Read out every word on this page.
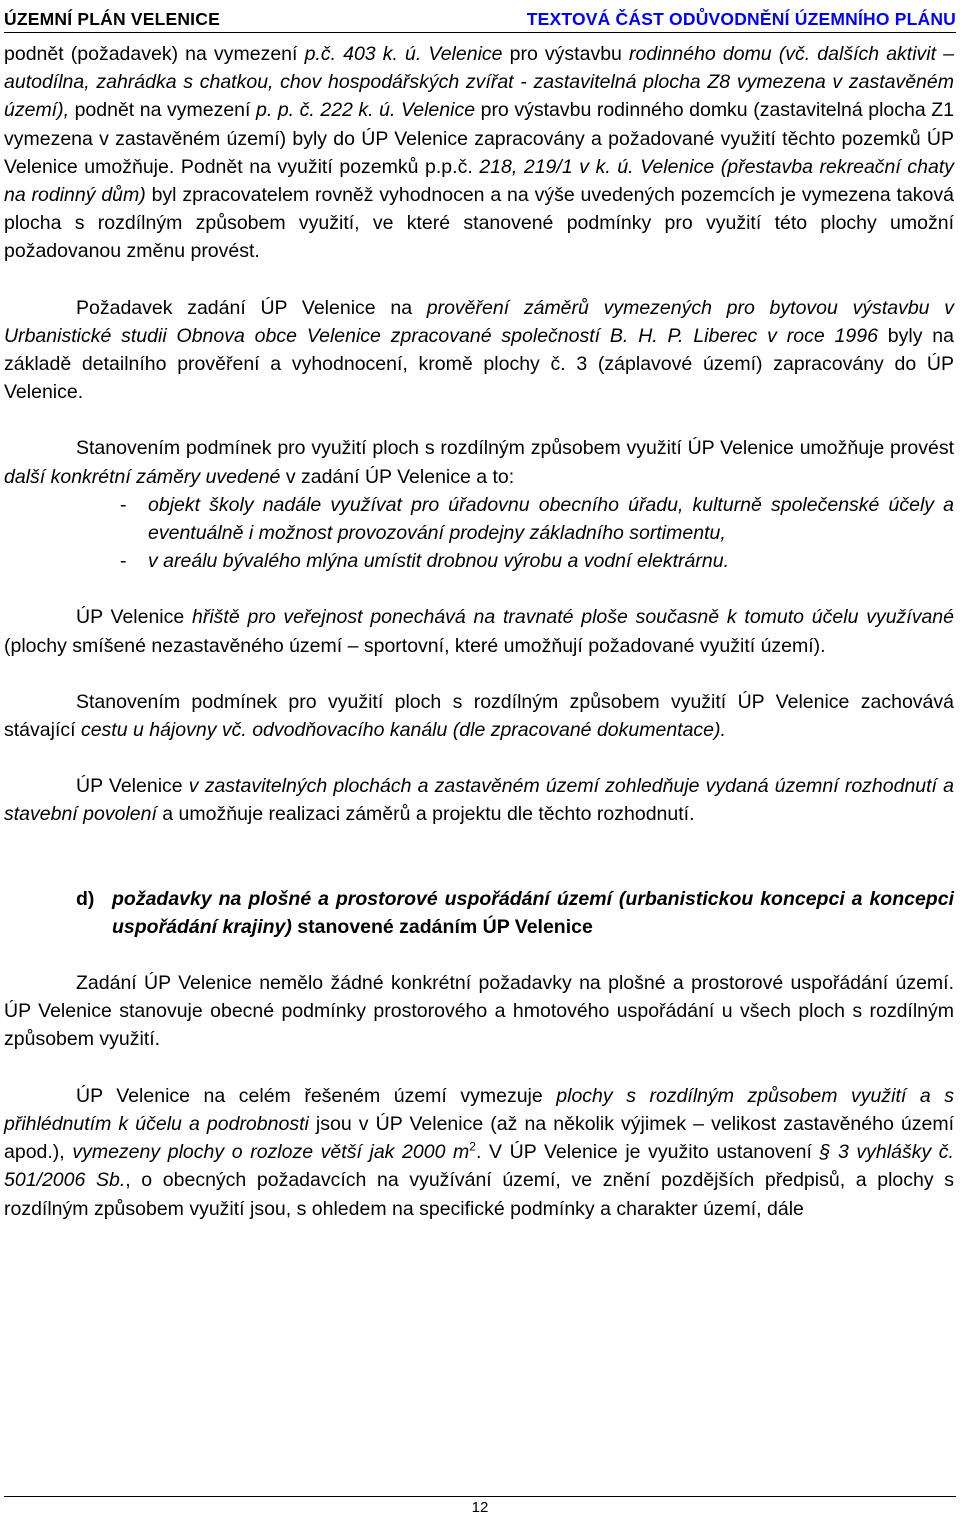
ÚZEMNÍ PLÁN VELENICE	TEXTOVÁ ČÁST ODŮVODNĚNÍ ÚZEMNÍHO PLÁNU

podnět (požadavek) na vymezení p.č. 403 k. ú. Velenice pro výstavbu rodinného domu (vč. dalších aktivit – autodílna, zahrádka s chatkou, chov hospodářských zvířat - zastavitelná plocha Z8 vymezena v zastavěném území), podnět na vymezení p. p. č. 222 k. ú. Velenice pro výstavbu rodinného domku (zastavitelná plocha Z1 vymezena v zastavěném území) byly do ÚP Velenice zapracovány a požadované využití těchto pozemků ÚP Velenice umožňuje. Podnět na využití pozemků p.p.č. 218, 219/1 v k. ú. Velenice (přestavba rekreační chaty na rodinný dům) byl zpracovatelem rovněž vyhodnocen a na výše uvedených pozemcích je vymezena taková plocha s rozdílným způsobem využití, ve které stanovené podmínky pro využití této plochy umožní požadovanou změnu provést.

Požadavek zadání ÚP Velenice na prověření záměrů vymezených pro bytovou výstavbu v Urbanistické studii Obnova obce Velenice zpracované společností B. H. P. Liberec v roce 1996 byly na základě detailního prověření a vyhodnocení, kromě plochy č. 3 (záplavové území) zapracovány do ÚP Velenice.

Stanovením podmínek pro využití ploch s rozdílným způsobem využití ÚP Velenice umožňuje provést další konkrétní záměry uvedené v zadání ÚP Velenice a to:

- objekt školy nadále využívat pro úřadovnu obecního úřadu, kulturně společenské účely a eventuálně i možnost provozování prodejny základního sortimentu,
- v areálu bývalého mlýna umístit drobnou výrobu a vodní elektrárnu.

ÚP Velenice hřiště pro veřejnost ponechává na travnaté ploše současně k tomuto účelu využívané (plochy smíšené nezastavěného území – sportovní, které umožňují požadované využití území).

Stanovením podmínek pro využití ploch s rozdílným způsobem využití ÚP Velenice zachovává stávající cestu u hájovny vč. odvodňovacího kanálu (dle zpracované dokumentace).

ÚP Velenice v zastavitelných plochách a zastavěném území zohledňuje vydaná územní rozhodnutí a stavební povolení a umožňuje realizaci záměrů a projektu dle těchto rozhodnutí.

d) požadavky na plošné a prostorové uspořádání území (urbanistickou koncepci a koncepci uspořádání krajiny) stanovené zadáním ÚP Velenice

Zadání ÚP Velenice nemělo žádné konkrétní požadavky na plošné a prostorové uspořádání území. ÚP Velenice stanovuje obecné podmínky prostorového a hmotového uspořádání u všech ploch s rozdílným způsobem využití.

ÚP Velenice na celém řešeném území vymezuje plochy s rozdílným způsobem využití a s přihlédnutím k účelu a podrobnosti jsou v ÚP Velenice (až na několik výjimek – velikost zastavěného území apod.), vymezeny plochy o rozloze větší jak 2000 $m^2$. V ÚP Velenice je využito ustanovení § 3 vyhlášky č. 501/2006 Sb., o obecných požadavcích na využívání území, ve znění pozdějších předpisů, a plochy s rozdílným způsobem využití jsou, s ohledem na specifické podmínky a charakter území, dále

12
